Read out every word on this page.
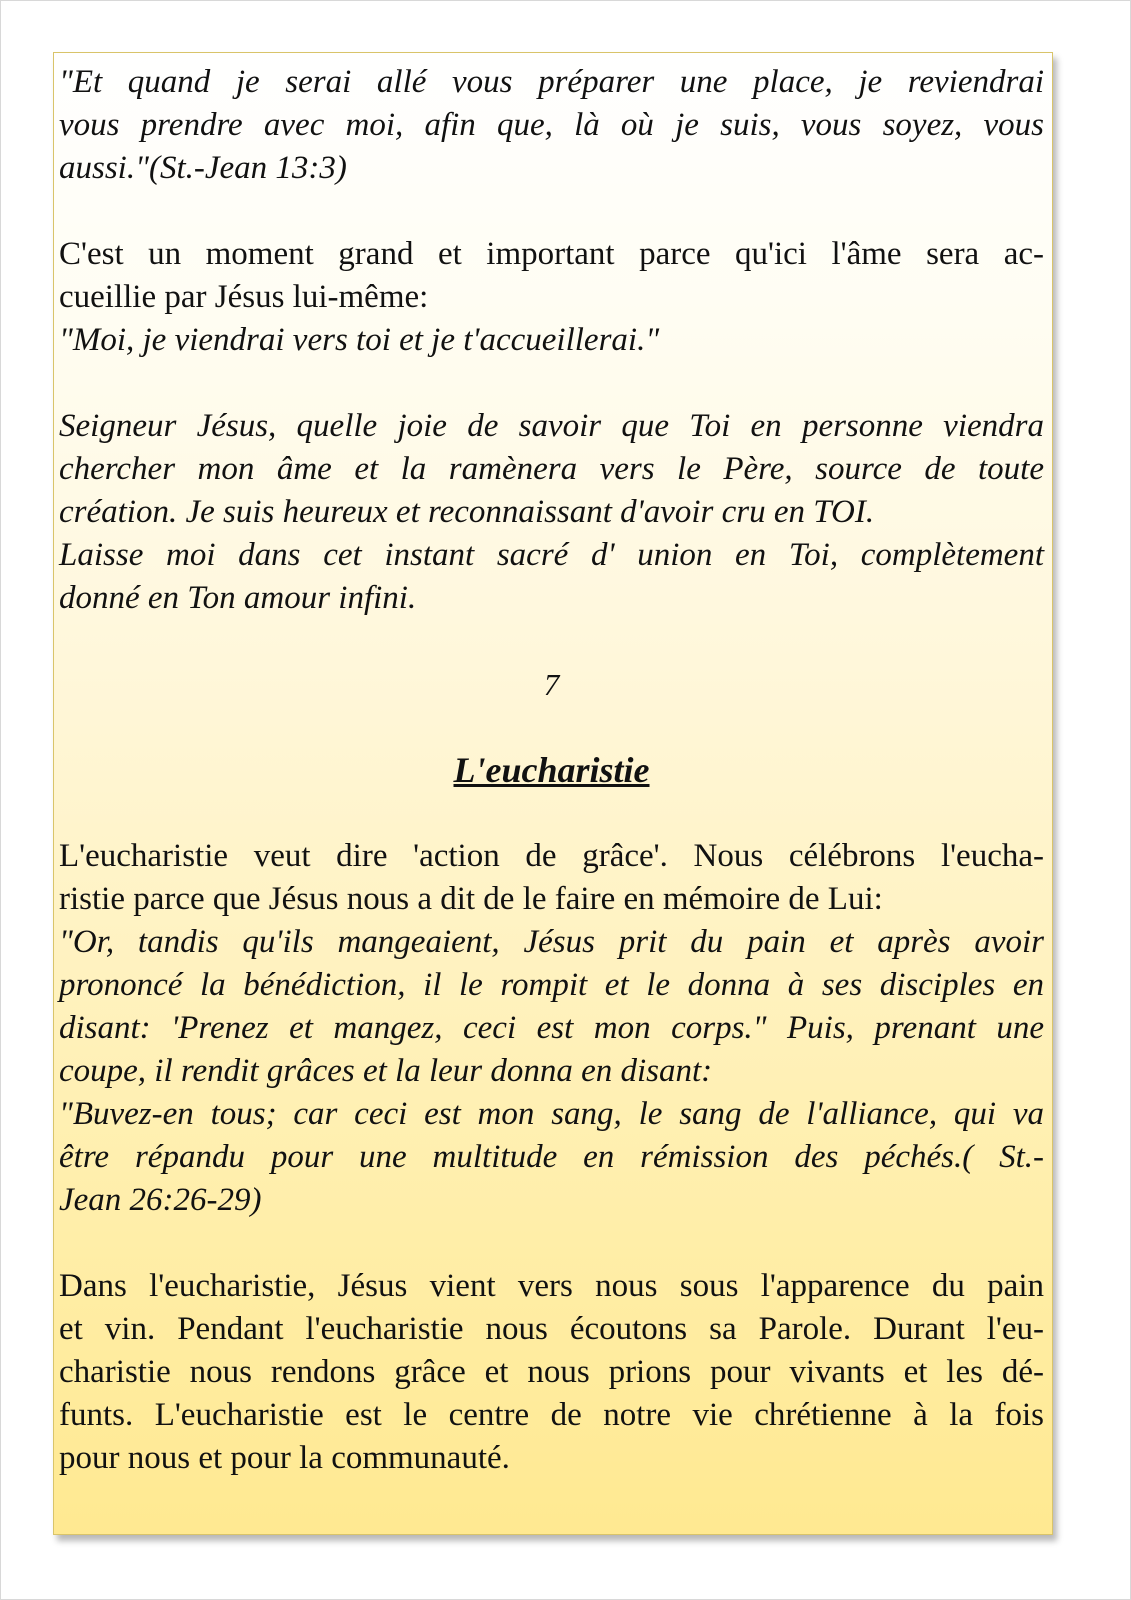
"Et quand je serai allé vous préparer une place, je reviendrai
vous prendre avec moi, afin que, là où je suis, vous soyez, vous
aussi."(St.-Jean 13:3)
C'est un moment grand et important parce qu'ici l'âme sera ac-
cueillie par Jésus lui-même:
"Moi, je viendrai vers toi et je t'accueillerai."
Seigneur Jésus, quelle joie de savoir que Toi en personne viendra
chercher mon âme et la ramènera vers le Père, source de toute
création. Je suis heureux et reconnaissant d'avoir cru en TOI.
Laisse moi dans cet instant sacré d' union en Toi, complètement
donné en Ton amour infini.
7
L'eucharistie
L'eucharistie veut dire 'action de grâce'. Nous célébrons l'eucha-
ristie parce que Jésus nous a dit de le faire en mémoire de Lui:
"Or, tandis qu'ils mangeaient, Jésus prit du pain et après avoir
prononcé la bénédiction, il le rompit et le donna à ses disciples en
disant: 'Prenez et mangez, ceci est mon corps." Puis, prenant une
coupe, il rendit grâces et la leur donna en disant:
"Buvez-en tous; car ceci est mon sang, le sang de l'alliance, qui va
être répandu pour une multitude en rémission des péchés.( St.-
Jean 26:26-29)
Dans l'eucharistie, Jésus vient vers nous sous l'apparence du pain
et vin. Pendant l'eucharistie nous écoutons sa Parole. Durant l'eu-
charistie nous rendons grâce et nous prions pour vivants et les dé-
funts. L'eucharistie est le centre de notre vie chrétienne à la fois
pour nous et pour la communauté.
